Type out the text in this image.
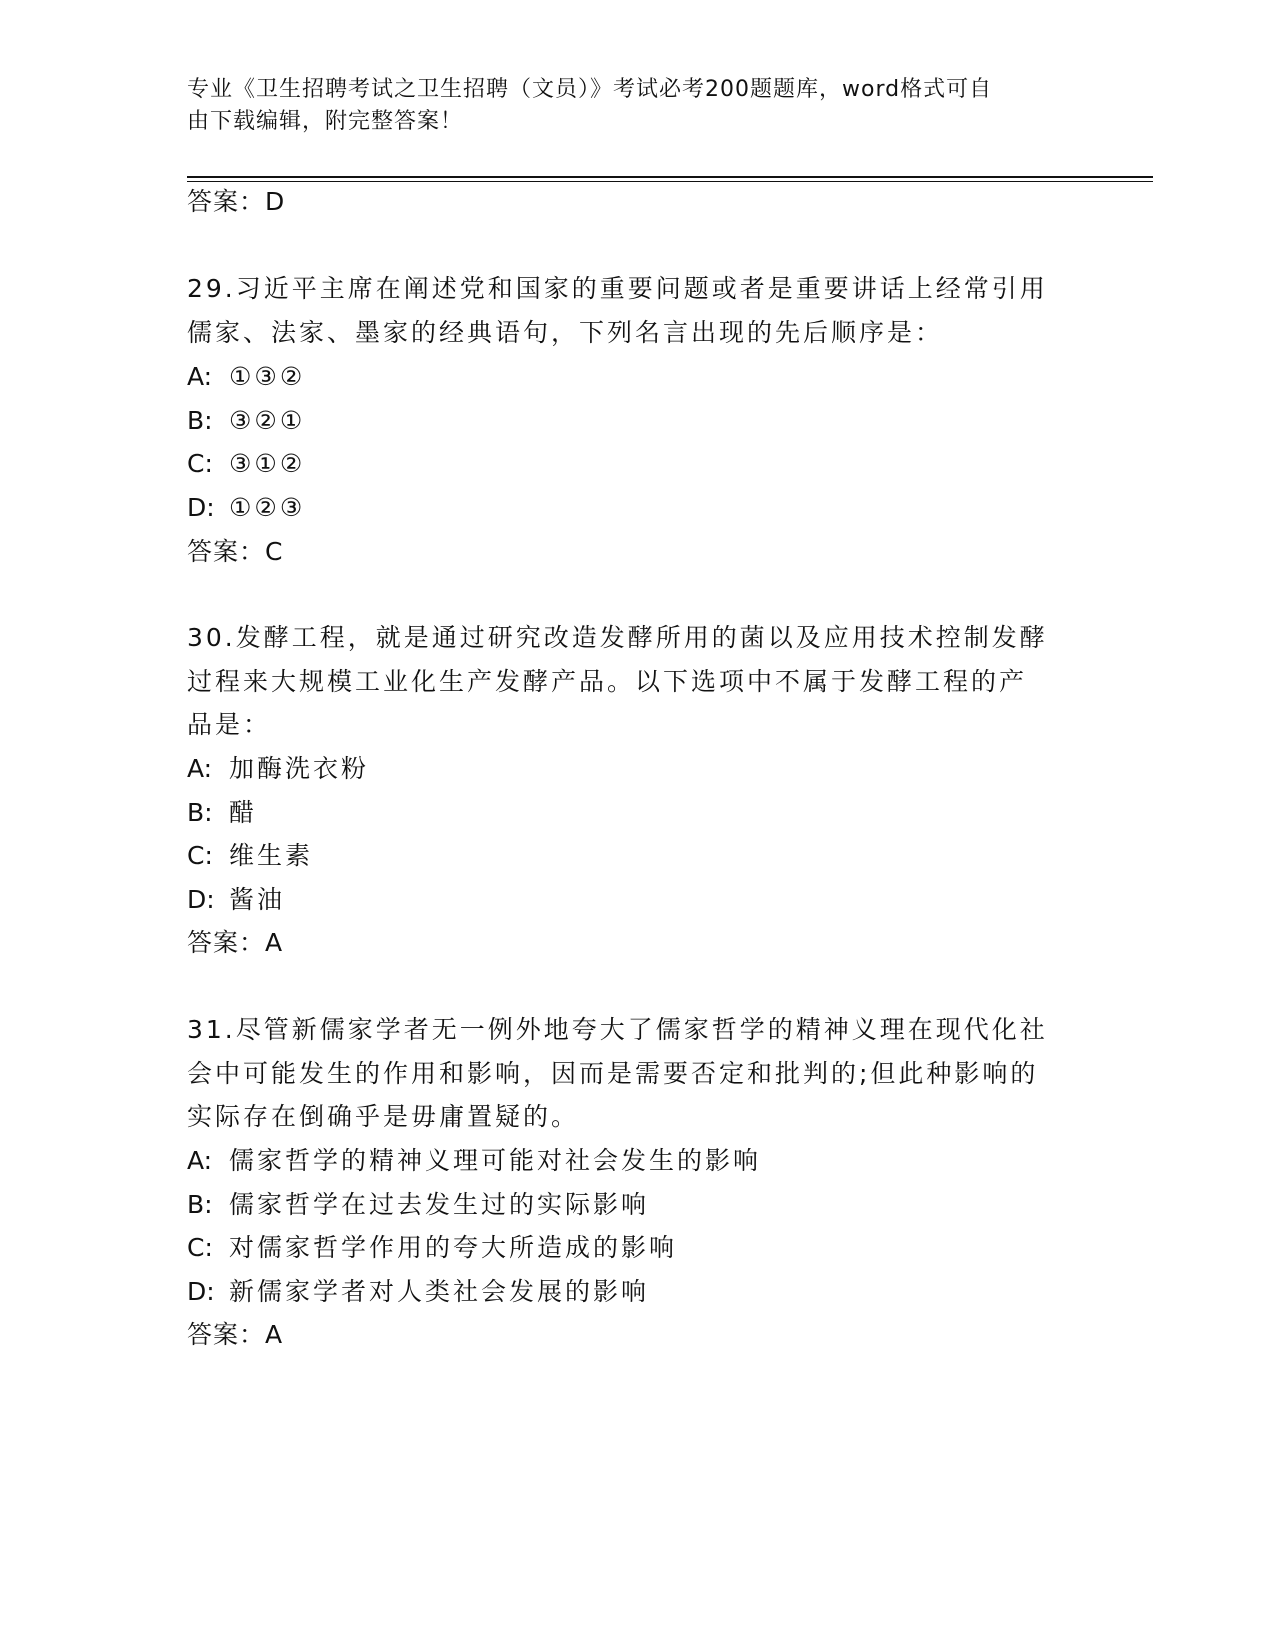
专业《卫生招聘考试之卫生招聘（文员）》考试必考200题题库，word格式可自
由下载编辑，附完整答案！
答案：D
29.习近平主席在阐述党和国家的重要问题或者是重要讲话上经常引用
儒家、法家、墨家的经典语句，下列名言出现的先后顺序是：
A: ①③②
B: ③②①
C: ③①②
D: ①②③
答案：C
30.发酵工程，就是通过研究改造发酵所用的菌以及应用技术控制发酵
过程来大规模工业化生产发酵产品。以下选项中不属于发酵工程的产
品是：
A: 加酶洗衣粉
B: 醋
C: 维生素
D: 酱油
答案：A
31.尽管新儒家学者无一例外地夸大了儒家哲学的精神义理在现代化社
会中可能发生的作用和影响，因而是需要否定和批判的;但此种影响的
实际存在倒确乎是毋庸置疑的。
A: 儒家哲学的精神义理可能对社会发生的影响
B: 儒家哲学在过去发生过的实际影响
C: 对儒家哲学作用的夸大所造成的影响
D: 新儒家学者对人类社会发展的影响
答案：A
